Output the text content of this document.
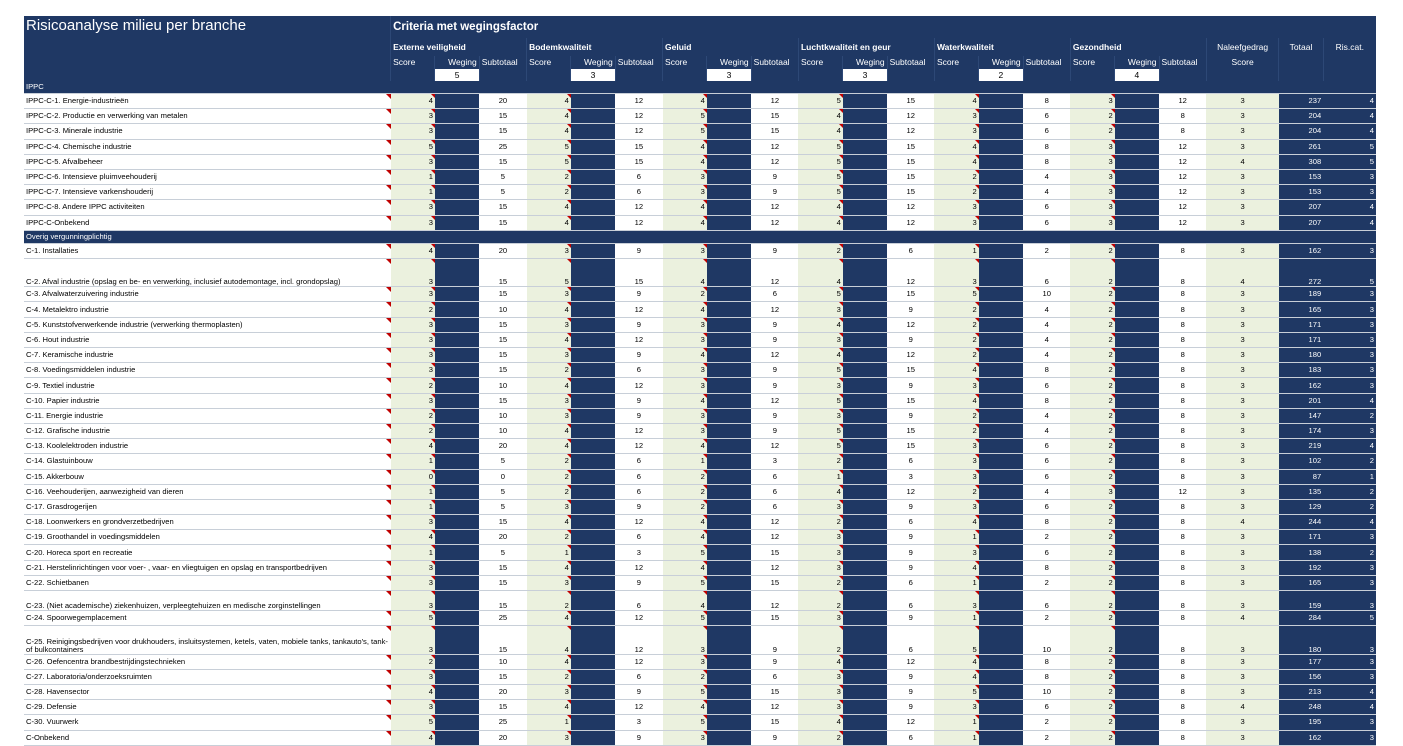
Risicoanalyse milieu per branche	Criteria met wegingsfactor																				
	Externe veiligheid			Bodemkwaliteit			Geluid			Luchtkwaliteit en geur			Waterkwaliteit			Gezondheid			Naleefgedrag	Totaal	Ris.cat.
	Score	Weging	Subtotaal	Score	Weging	Subtotaal	Score	Weging	Subtotaal	Score	Weging	Subtotaal	Score	Weging	Subtotaal	Score	Weging	Subtotaal	Score		
		5			3			3			3			2			4				
IPPC																					
IPPC-C-1. Energie-industrieën	4		20	4		12	4		12	5		15	4		8	3		12	3	237	4
IPPC-C-2. Productie en verwerking van metalen	3		15	4		12	5		15	4		12	3		6	2		8	3	204	4
IPPC-C-3. Minerale industrie	3		15	4		12	5		15	4		12	3		6	2		8	3	204	4
IPPC-C-4. Chemische industrie	5		25	5		15	4		12	5		15	4		8	3		12	3	261	5
IPPC-C-5. Afvalbeheer	3		15	5		15	4		12	5		15	4		8	3		12	4	308	5
IPPC-C-6. Intensieve pluimveehouderij	1		5	2		6	3		9	5		15	2		4	3		12	3	153	3
IPPC-C-7. Intensieve varkenshouderij	1		5	2		6	3		9	5		15	2		4	3		12	3	153	3
IPPC-C-8. Andere IPPC activiteiten	3		15	4		12	4		12	4		12	3		6	3		12	3	207	4
IPPC-C-Onbekend	3		15	4		12	4		12	4		12	3		6	3		12	3	207	4
Overig vergunningplichtig																					
C-1. Installaties	4		20	3		9	3		9	2		6	1		2	2		8	3	162	3
C-2. Afval industrie (opslag en be- en verwerking, inclusief autodemontage, incl. grondopslag)	3		15	5		15	4		12	4		12	3		6	2		8	4	272	5
C-3. Afvalwaterzuivering industrie	3		15	3		9	2		6	5		15	5		10	2		8	3	189	3
C-4. Metalektro industrie	2		10	4		12	4		12	3		9	2		4	2		8	3	165	3
C-5. Kunststofverwerkende industrie (verwerking thermoplasten)	3		15	3		9	3		9	4		12	2		4	2		8	3	171	3
C-6. Hout industrie	3		15	4		12	3		9	3		9	2		4	2		8	3	171	3
C-7. Keramische industrie	3		15	3		9	4		12	4		12	2		4	2		8	3	180	3
C-8. Voedingsmiddelen industrie	3		15	2		6	3		9	5		15	4		8	2		8	3	183	3
C-9. Textiel industrie	2		10	4		12	3		9	3		9	3		6	2		8	3	162	3
C-10. Papier industrie	3		15	3		9	4		12	5		15	4		8	2		8	3	201	4
C-11. Energie industrie	2		10	3		9	3		9	3		9	2		4	2		8	3	147	2
C-12. Grafische industrie	2		10	4		12	3		9	5		15	2		4	2		8	3	174	3
C-13. Koolelektroden industrie	4		20	4		12	4		12	5		15	3		6	2		8	3	219	4
C-14. Glastuinbouw	1		5	2		6	1		3	2		6	3		6	2		8	3	102	2
C-15. Akkerbouw	0		0	2		6	2		6	1		3	3		6	2		8	3	87	1
C-16. Veehouderijen, aanwezigheid van dieren	1		5	2		6	2		6	4		12	2		4	3		12	3	135	2
C-17. Grasdrogerijen	1		5	3		9	2		6	3		9	3		6	2		8	3	129	2
C-18. Loonwerkers en grondverzetbedrijven	3		15	4		12	4		12	2		6	4		8	2		8	4	244	4
C-19. Groothandel in voedingsmiddelen	4		20	2		6	4		12	3		9	1		2	2		8	3	171	3
C-20. Horeca sport en recreatie	1		5	1		3	5		15	3		9	3		6	2		8	3	138	2
C-21. Herstelinrichtingen voor voer- , vaar- en vliegtuigen en opslag en transportbedrijven	3		15	4		12	4		12	3		9	4		8	2		8	3	192	3
C-22. Schietbanen	3		15	3		9	5		15	2		6	1		2	2		8	3	165	3
C-23. (Niet academische) ziekenhuizen, verpleegtehuizen en medische zorginstellingen	3		15	2		6	4		12	2		6	3		6	2		8	3	159	3
C-24. Spoorwegemplacement	5		25	4		12	5		15	3		9	1		2	2		8	4	284	5
C-25. Reinigingsbedrijven voor drukhouders, insluitsystemen, ketels, vaten, mobiele tanks, tankauto's, tank- of bulkcontainers	3		15	4		12	3		9	2		6	5		10	2		8	3	180	3
C-26. Oefencentra brandbestrijdingstechnieken	2		10	4		12	3		9	4		12	4		8	2		8	3	177	3
C-27. Laboratoria/onderzoeksruimten	3		15	2		6	2		6	3		9	4		8	2		8	3	156	3
C-28. Havensector	4		20	3		9	5		15	3		9	5		10	2		8	3	213	4
C-29. Defensie	3		15	4		12	4		12	3		9	3		6	2		8	4	248	4
C-30. Vuurwerk	5		25	1		3	5		15	4		12	1		2	2		8	3	195	3
C-Onbekend	4		20	3		9	3		9	2		6	1		2	2		8	3	162	3
